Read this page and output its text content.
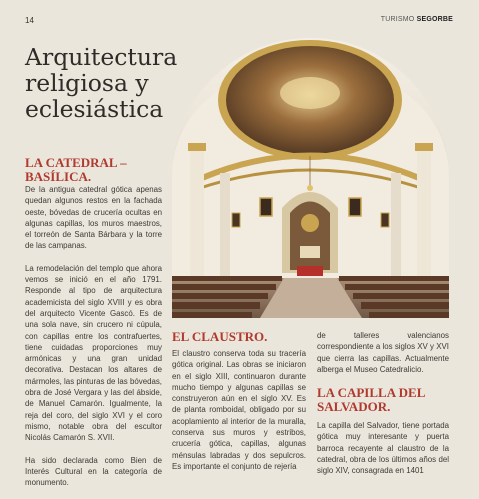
14	TURISMO SEGORBE
Arquitectura religiosa y eclesiástica
LA CATEDRAL – BASÍLICA.

De la antigua catedral gótica apenas quedan algunos restos en la fachada oeste, bóvedas de crucería ocultas en algunas capillas, los muros maestros, el torreón de Santa Bárbara y la torre de las campanas.

La remodelación del templo que ahora vemos se inició en el año 1791. Responde al tipo de arquitectura academicista del siglo XVIII y es obra del arquitecto Vicente Gascó. Es de una sola nave, sin crucero ni cúpula, con capillas entre los contrafuertes, tiene cuidadas proporciones muy armónicas y una gran unidad decorativa. Destacan los altares de mármoles, las pinturas de las bóvedas, obra de José Vergara y las del ábside, de Manuel Camarón. Igualmente, la reja del coro, del siglo XVI y el coro mismo, notable obra del escultor Nicolás Camarón S. XVII.

Ha sido declarada como Bien de Interés Cultural en la categoría de monumento.

EL CLAUSTRO.

El claustro conserva toda su tracería gótica original. Las obras se iniciaron en el siglo XIII, continuaron durante mucho tiempo y algunas capillas se construyeron aún en el siglo XV. Es de planta romboidal, obligado por su acoplamiento al interior de la muralla, conserva sus muros y estribos, crucería gótica, capillas, algunas ménsulas labradas y dos sepulcros. Es importante el conjunto de rejería

de talleres valencianos correspondiente a los siglos XV y XVI que cierra las capillas. Actualmente alberga el Museo Catedralicio.

LA CAPILLA DEL SALVADOR.

La capilla del Salvador, tiene portada gótica muy interesante y puerta barroca recayente al claustro de la catedral, obra de los últimos años del siglo XIV, consagrada en 1401
